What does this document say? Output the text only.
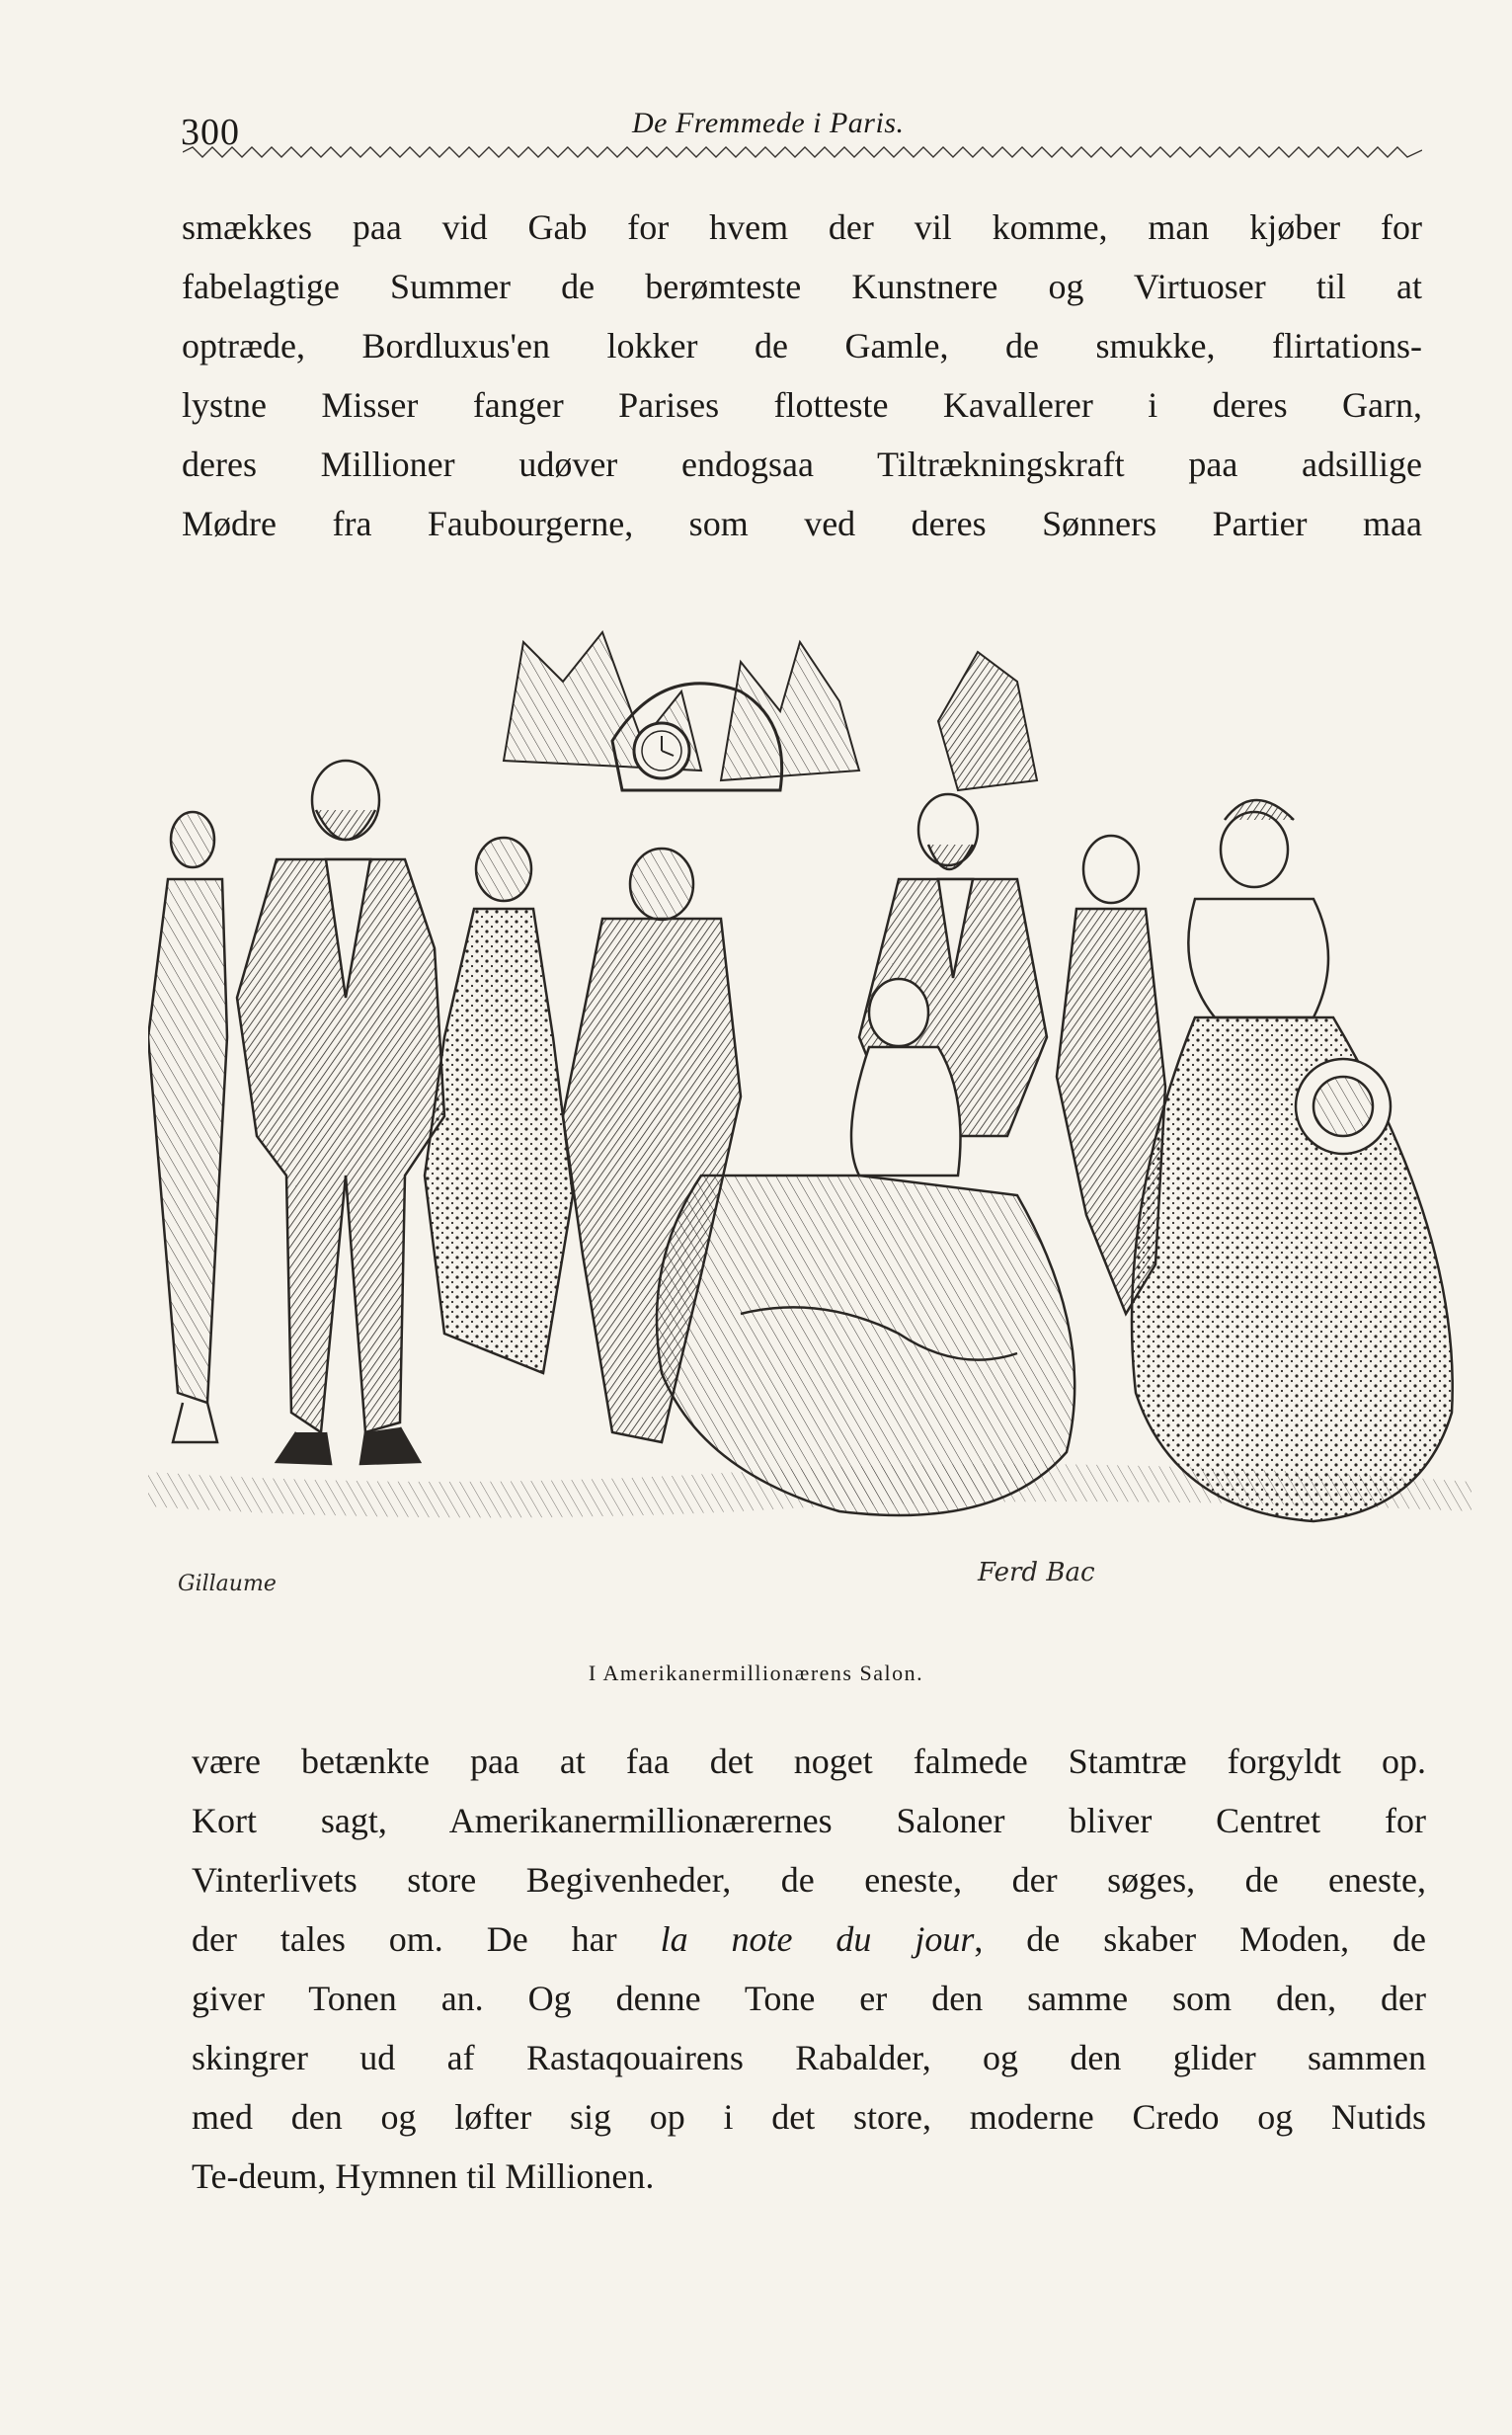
300	De Fremmede i Paris.
smækkes paa vid Gab for hvem der vil komme, man kjøber for
fabelagtige Summer de berømteste Kunstnere og Virtuoser til at
optræde, Bordluxus'en lokker de Gamle, de smukke, flirtations-
lystne Misser fanger Parises flotteste Kavallerer i deres Garn,
deres Millioner udøver endogsaa Tiltrækningskraft paa adsillige
Mødre fra Faubourgerne, som ved deres Sønners Partier maa
Gillaume	Ferd Bac
I Amerikanermillionærens Salon.
være betænkte paa at faa det noget falmede Stamtræ forgyldt op.
Kort sagt, Amerikanermillionærernes Saloner bliver Centret for
Vinterlivets store Begivenheder, de eneste, der søges, de eneste,
der tales om. De har la note du jour, de skaber Moden, de
giver Tonen an. Og denne Tone er den samme som den, der
skingrer ud af Rastaqouairens Rabalder, og den glider sammen
med den og løfter sig op i det store, moderne Credo og Nutids
Te-deum, Hymnen til Millionen.
